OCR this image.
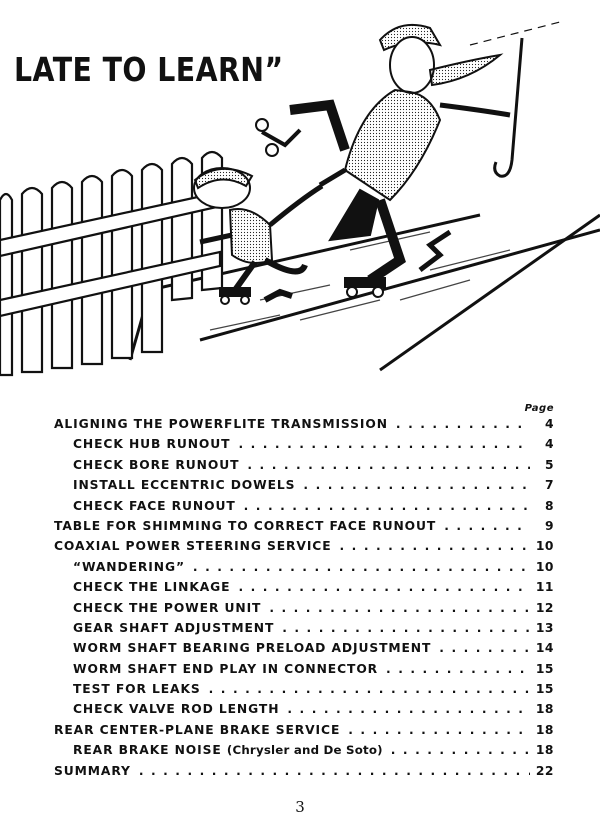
LATE TO LEARN”
Page
ALIGNING THE POWERFLITE TRANSMISSION . . .	4
CHECK HUB RUNOUT . . .	4
CHECK BORE RUNOUT . . .	5
INSTALL ECCENTRIC DOWELS . . .	7
CHECK FACE RUNOUT . . .	8
TABLE FOR SHIMMING TO CORRECT FACE RUNOUT . . .	9
COAXIAL POWER STEERING SERVICE . . .	10
“WANDERING” . . .	10
CHECK THE LINKAGE . . .	11
CHECK THE POWER UNIT . . .	12
GEAR SHAFT ADJUSTMENT . . .	13
WORM SHAFT BEARING PRELOAD ADJUSTMENT . . .	14
WORM SHAFT END PLAY IN CONNECTOR . . .	15
TEST FOR LEAKS . . .	15
CHECK VALVE ROD LENGTH . . .	18
REAR CENTER-PLANE BRAKE SERVICE . . .	18
REAR BRAKE NOISE (Chrysler and De Soto) . . .	18
SUMMARY . . .	22
3
